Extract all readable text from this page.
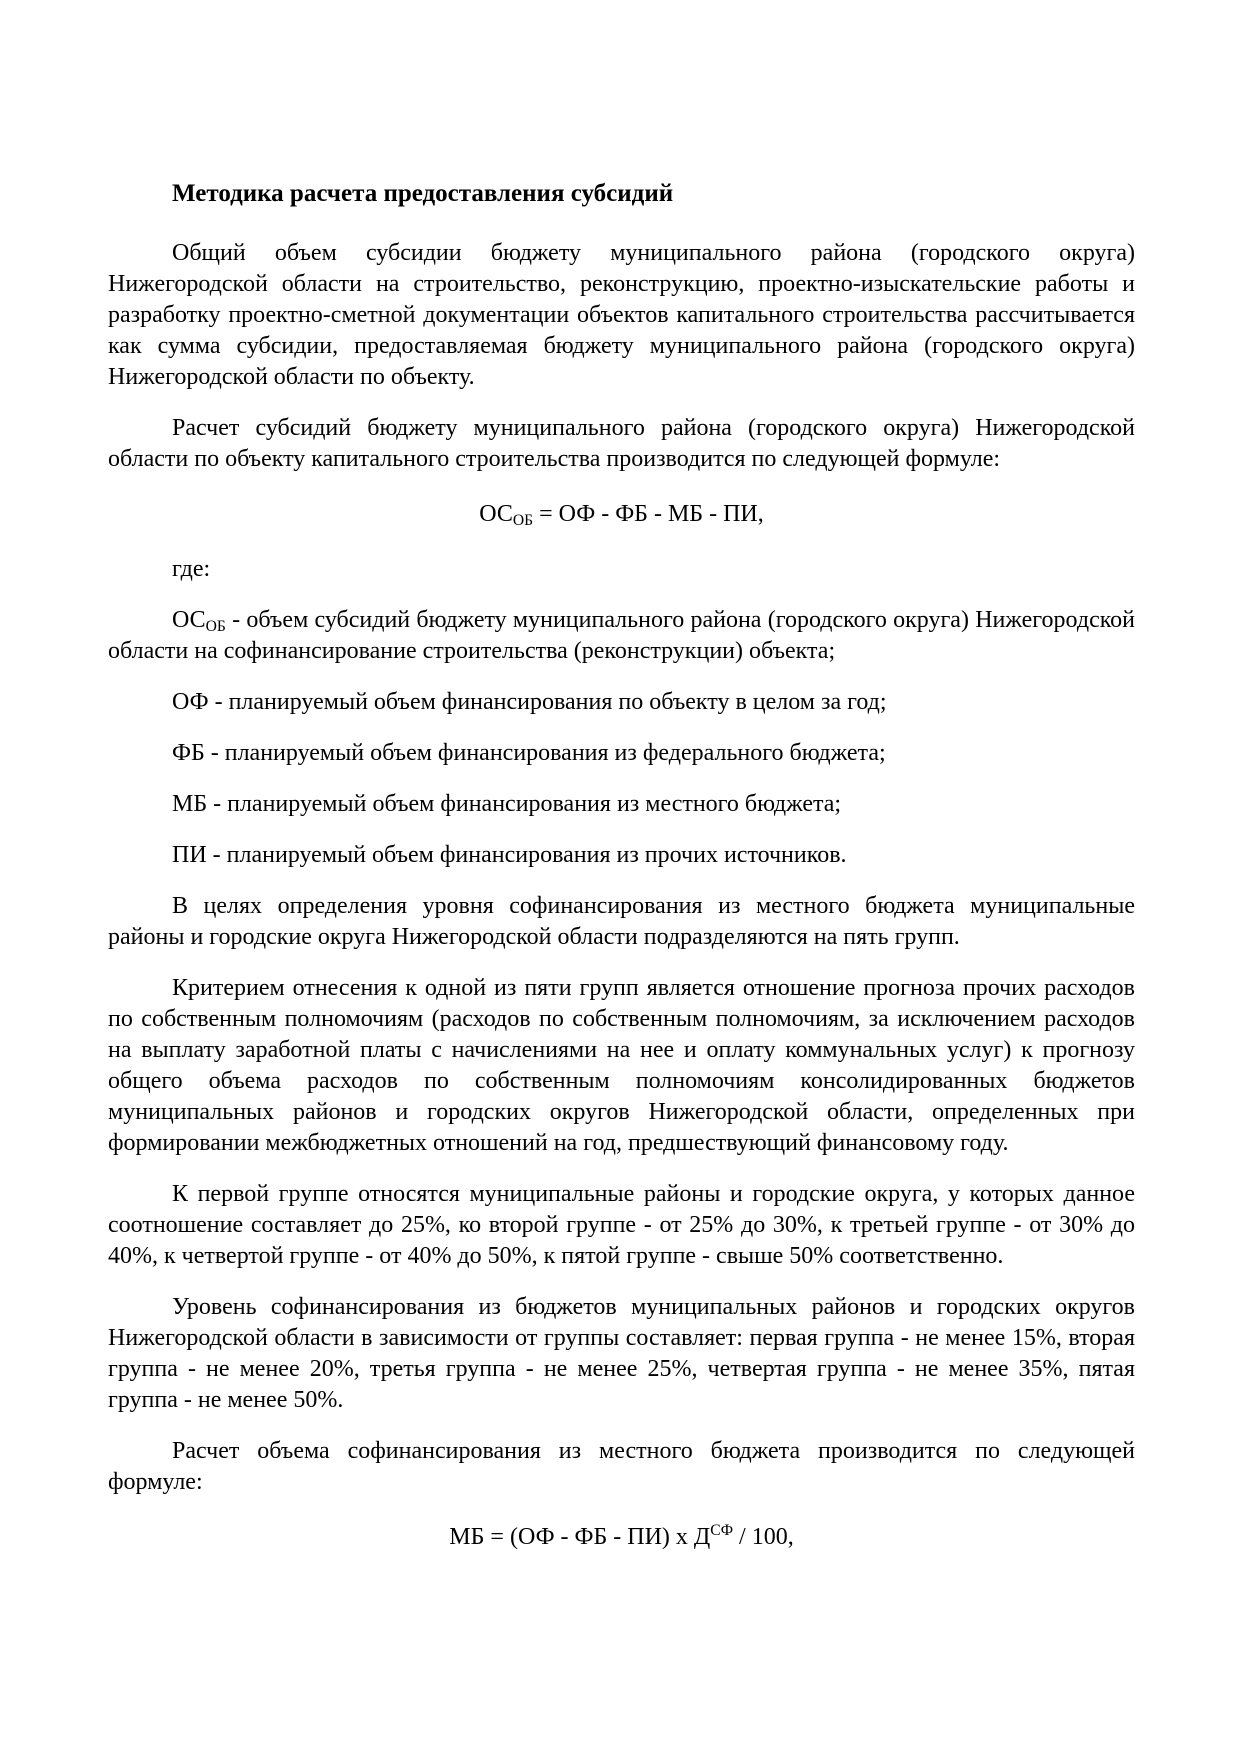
Методика расчета предоставления субсидий

Общий объем субсидии бюджету муниципального района (городского округа) Нижегородской области на строительство, реконструкцию, проектно-изыскательские работы и разработку проектно-сметной документации объектов капитального строительства рассчитывается как сумма субсидии, предоставляемая бюджету муниципального района (городского округа) Нижегородской области по объекту.

Расчет субсидий бюджету муниципального района (городского округа) Нижегородской области по объекту капитального строительства производится по следующей формуле:

ОСОБ = ОФ - ФБ - МБ - ПИ,

где:

ОСОБ - объем субсидий бюджету муниципального района (городского округа) Нижегородской области на софинансирование строительства (реконструкции) объекта;

ОФ - планируемый объем финансирования по объекту в целом за год;

ФБ - планируемый объем финансирования из федерального бюджета;

МБ - планируемый объем финансирования из местного бюджета;

ПИ - планируемый объем финансирования из прочих источников.

В целях определения уровня софинансирования из местного бюджета муниципальные районы и городские округа Нижегородской области подразделяются на пять групп.

Критерием отнесения к одной из пяти групп является отношение прогноза прочих расходов по собственным полномочиям (расходов по собственным полномочиям, за исключением расходов на выплату заработной платы с начислениями на нее и оплату коммунальных услуг) к прогнозу общего объема расходов по собственным полномочиям консолидированных бюджетов муниципальных районов и городских округов Нижегородской области, определенных при формировании межбюджетных отношений на год, предшествующий финансовому году.

К первой группе относятся муниципальные районы и городские округа, у которых данное соотношение составляет до 25%, ко второй группе - от 25% до 30%, к третьей группе - от 30% до 40%, к четвертой группе - от 40% до 50%, к пятой группе - свыше 50% соответственно.

Уровень софинансирования из бюджетов муниципальных районов и городских округов Нижегородской области в зависимости от группы составляет: первая группа - не менее 15%, вторая группа - не менее 20%, третья группа - не менее 25%, четвертая группа - не менее 35%, пятая группа - не менее 50%.

Расчет объема софинансирования из местного бюджета производится по следующей формуле:

МБ = (ОФ - ФБ - ПИ) х $Д^{СФ} / 100$,
